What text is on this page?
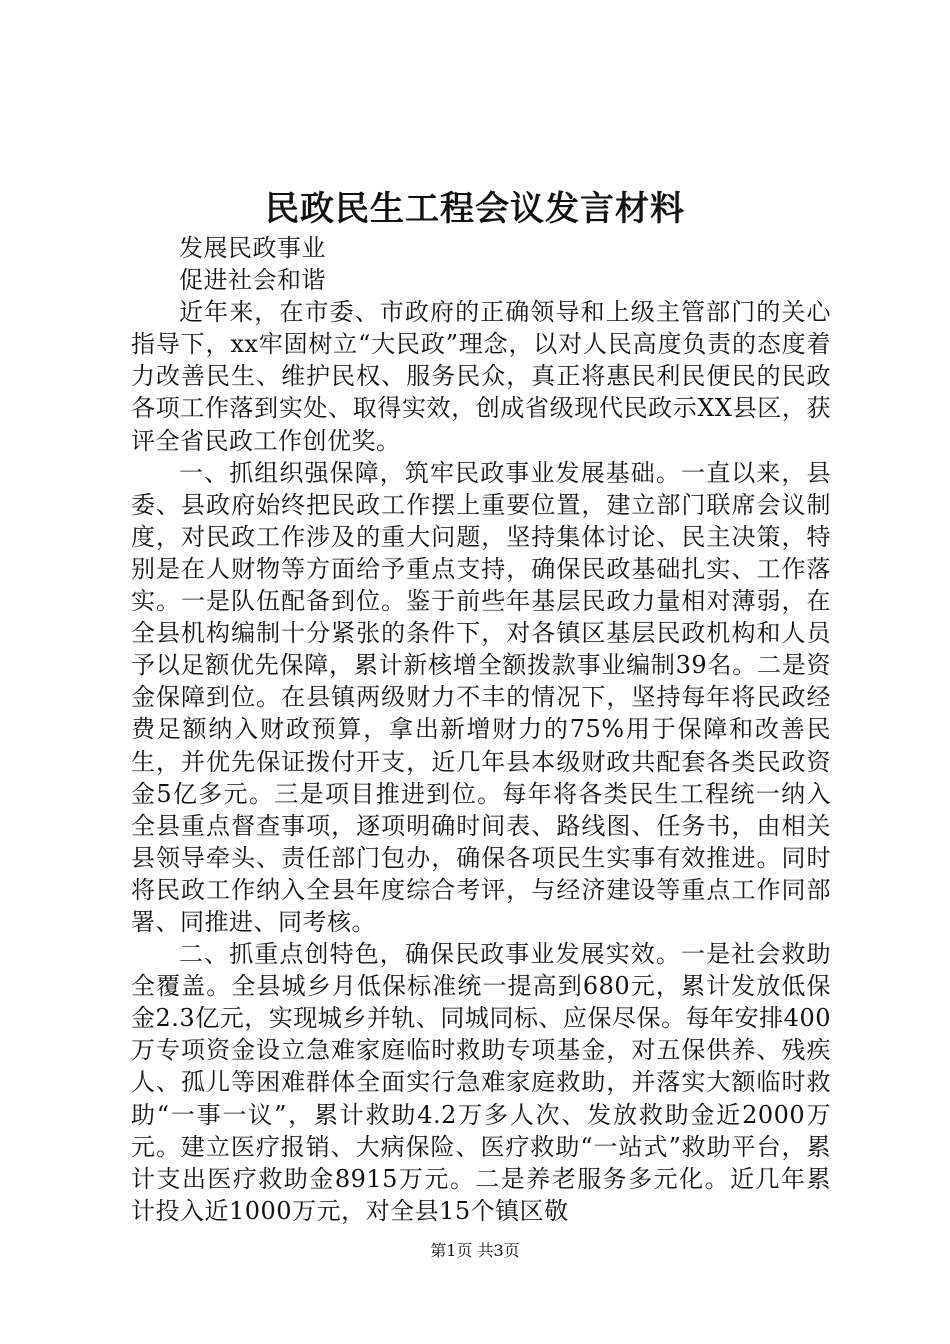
民政民生工程会议发言材料

发展民政事业

促进社会和谐

近年来，在市委、市政府的正确领导和上级主管部门的关心指导下，xx牢固树立“大民政”理念，以对人民高度负责的态度着力改善民生、维护民权、服务民众，真正将惠民利民便民的民政各项工作落到实处、取得实效，创成省级现代民政示XX县区，获评全省民政工作创优奖。

一、抓组织强保障，筑牢民政事业发展基础。一直以来，县委、县政府始终把民政工作摆上重要位置，建立部门联席会议制度，对民政工作涉及的重大问题，坚持集体讨论、民主决策，特别是在人财物等方面给予重点支持，确保民政基础扎实、工作落实。一是队伍配备到位。鉴于前些年基层民政力量相对薄弱，在全县机构编制十分紧张的条件下，对各镇区基层民政机构和人员予以足额优先保障，累计新核增全额拨款事业编制39名。二是资金保障到位。在县镇两级财力不丰的情况下，坚持每年将民政经费足额纳入财政预算，拿出新增财力的75%用于保障和改善民生，并优先保证拨付开支，近几年县本级财政共配套各类民政资金5亿多元。三是项目推进到位。每年将各类民生工程统一纳入全县重点督查事项，逐项明确时间表、路线图、任务书，由相关县领导牵头、责任部门包办，确保各项民生实事有效推进。同时将民政工作纳入全县年度综合考评，与经济建设等重点工作同部署、同推进、同考核。

二、抓重点创特色，确保民政事业发展实效。一是社会救助全覆盖。全县城乡月低保标准统一提高到680元，累计发放低保金2.3亿元，实现城乡并轨、同城同标、应保尽保。每年安排400万专项资金设立急难家庭临时救助专项基金，对五保供养、残疾人、孤儿等困难群体全面实行急难家庭救助，并落实大额临时救助“一事一议”，累计救助4.2万多人次、发放救助金近2000万元。建立医疗报销、大病保险、医疗救助“一站式”救助平台，累计支出医疗救助金8915万元。二是养老服务多元化。近几年累计投入近1000万元，对全县15个镇区敬

第1页 共3页
